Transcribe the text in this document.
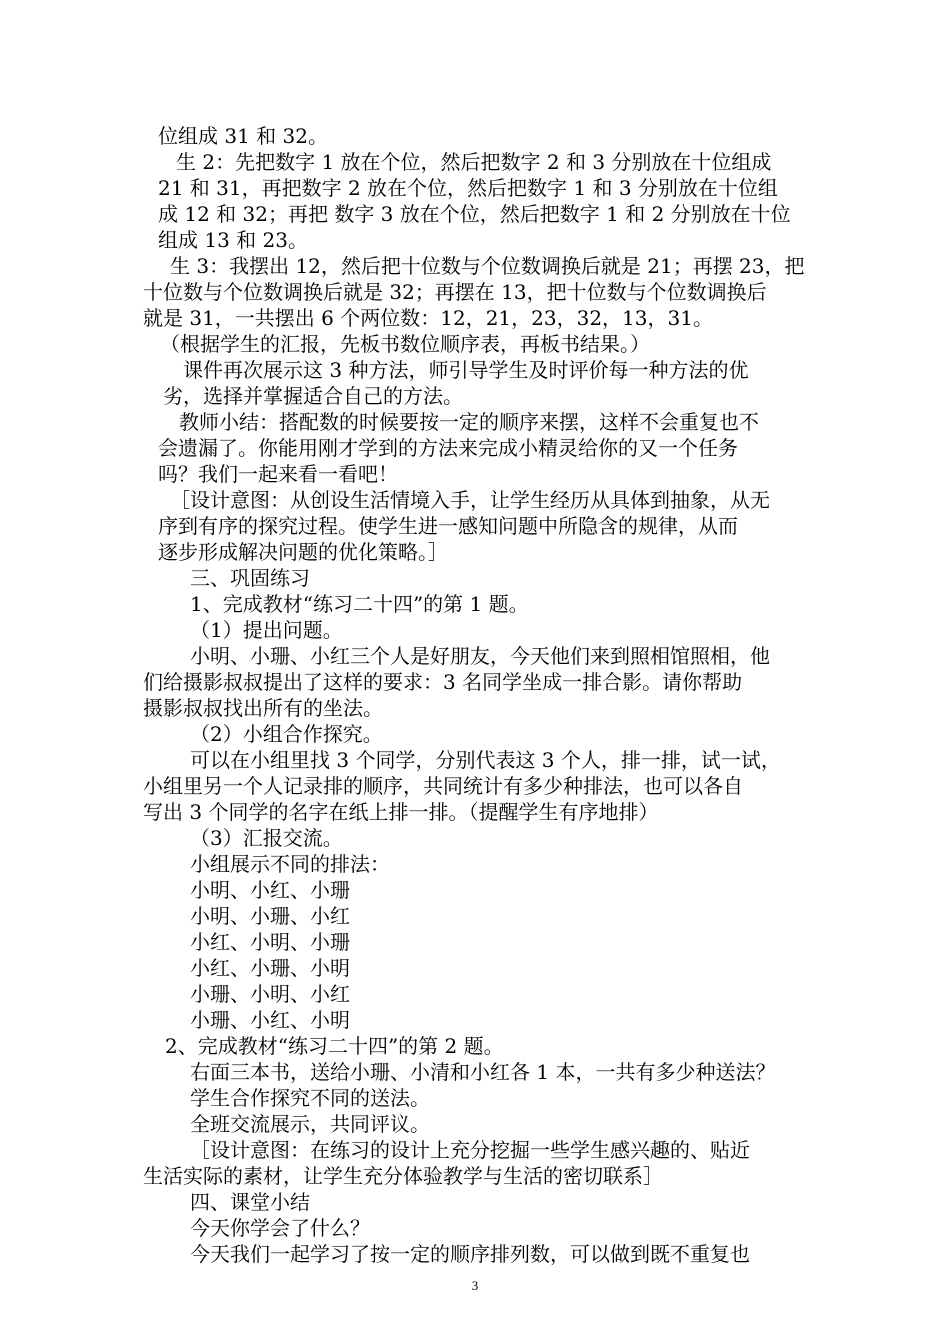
位组成 31 和 32。
生 2：先把数字 1 放在个位，然后把数字 2 和 3 分别放在十位组成
21 和 31，再把数字 2 放在个位，然后把数字 1 和 3 分别放在十位组
成 12 和 32；再把 数字 3 放在个位，然后把数字 1 和 2 分别放在十位
组成 13 和 23。
生 3：我摆出 12，然后把十位数与个位数调换后就是 21；再摆 23，把
十位数与个位数调换后就是 32；再摆在 13，把十位数与个位数调换后
就是 31，一共摆出 6 个两位数：12，21，23，32，13，31。
（根据学生的汇报，先板书数位顺序表，再板书结果。）
课件再次展示这 3 种方法，师引导学生及时评价每一种方法的优
劣，选择并掌握适合自己的方法。
教师小结：搭配数的时候要按一定的顺序来摆，这样不会重复也不
会遗漏了。你能用刚才学到的方法来完成小精灵给你的又一个任务
吗？我们一起来看一看吧！
［设计意图：从创设生活情境入手，让学生经历从具体到抽象，从无
序到有序的探究过程。使学生进一感知问题中所隐含的规律，从而
逐步形成解决问题的优化策略。］
三、巩固练习
1、完成教材“练习二十四”的第 1 题。
（1）提出问题。
小明、小珊、小红三个人是好朋友，今天他们来到照相馆照相，他
们给摄影叔叔提出了这样的要求：3 名同学坐成一排合影。请你帮助
摄影叔叔找出所有的坐法。
（2）小组合作探究。
可以在小组里找 3 个同学，分别代表这 3 个人，排一排，试一试，
小组里另一个人记录排的顺序，共同统计有多少种排法，也可以各自
写出 3 个同学的名字在纸上排一排。（提醒学生有序地排）
（3）汇报交流。
小组展示不同的排法：
小明、小红、小珊
小明、小珊、小红
小红、小明、小珊
小红、小珊、小明
小珊、小明、小红
小珊、小红、小明
2、完成教材“练习二十四”的第 2 题。
右面三本书，送给小珊、小清和小红各 1 本，一共有多少种送法？
学生合作探究不同的送法。
全班交流展示，共同评议。
［设计意图：在练习的设计上充分挖掘一些学生感兴趣的、贴近
生活实际的素材，让学生充分体验教学与生活的密切联系］
四、课堂小结
今天你学会了什么？
今天我们一起学习了按一定的顺序排列数，可以做到既不重复也
3
